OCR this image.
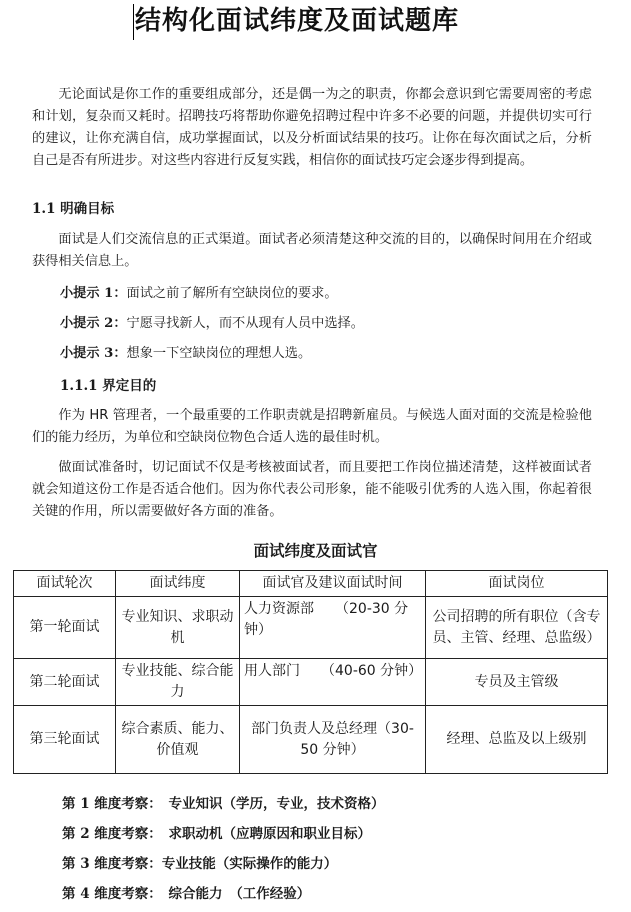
结构化面试纬度及面试题库

无论面试是你工作的重要组成部分，还是偶一为之的职责，你都会意识到它需要周密的考虑和计划，复杂而又耗时。招聘技巧将帮助你避免招聘过程中许多不必要的问题，并提供切实可行的建议，让你充满自信，成功掌握面试，以及分析面试结果的技巧。让你在每次面试之后，分析自己是否有所进步。对这些内容进行反复实践，相信你的面试技巧定会逐步得到提高。

1.1 明确目标

面试是人们交流信息的正式渠道。面试者必须清楚这种交流的目的，以确保时间用在介绍或获得相关信息上。

小提示 1：面试之前了解所有空缺岗位的要求。
小提示 2：宁愿寻找新人，而不从现有人员中选择。
小提示 3：想象一下空缺岗位的理想人选。
1.1.1 界定目的

作为 HR 管理者，一个最重要的工作职责就是招聘新雇员。与候选人面对面的交流是检验他们的能力经历，为单位和空缺岗位物色合适人选的最佳时机。

做面试准备时，切记面试不仅是考核被面试者，而且要把工作岗位描述清楚，这样被面试者就会知道这份工作是否适合他们。因为你代表公司形象，能不能吸引优秀的人选入围，你起着很关键的作用，所以需要做好各方面的准备。

面试纬度及面试官
面试轮次	面试纬度	面试官及建议面试时间	面试岗位
第一轮面试	专业知识、求职动机	人力资源部　　（20-30 分钟）	公司招聘的所有职位（含专员、主管、经理、总监级）
第二轮面试	专业技能、综合能力	用人部门　　（40-60 分钟）	专员及主管级
第三轮面试	综合素质、能力、价值观	部门负责人及总经理（30-50 分钟）	经理、总监及以上级别
第 1 维度考察：　专业知识（学历，专业，技术资格）
第 2 维度考察：　求职动机（应聘原因和职业目标）
第 3 维度考察：专业技能（实际操作的能力）
第 4 维度考察：　综合能力　（工作经验）
